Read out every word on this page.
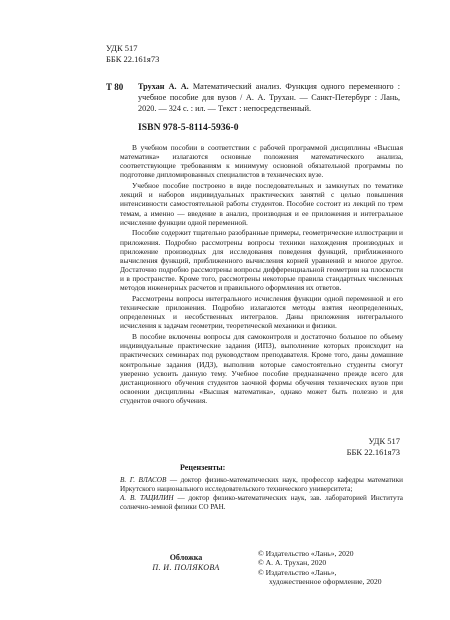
УДК 517
ББК 22.161я73
Т 80 Трухан А. А. Математический анализ. Функция одного переменного : учебное пособие для вузов / А. А. Трухан. — Санкт-Петербург : Лань, 2020. — 324 с. : ил. — Текст : непосредственный.
ISBN 978-5-8114-5936-0

В учебном пособии в соответствии с рабочей программой дисциплины «Высшая математика» излагаются основные положения математического анализа, соответствующие требованиям к минимуму основной обязательной программы по подготовке дипломированных специалистов в технических вузе.

Учебное пособие построено в виде последовательных и замкнутых по тематике лекций и наборов индивидуальных практических занятий с целью повышения интенсивности самостоятельной работы студентов. Пособие состоит из лекций по трем темам, а именно — введение в анализ, производная и ее приложения и интегральное исчисление функции одной переменной.

Пособие содержит тщательно разобранные примеры, геометрические иллюстрации и приложения. Подробно рассмотрены вопросы техники нахождения производных и приложение производных для исследования поведения функций, приближенного вычисления функций, приближенного вычисления корней уравнений и многое другое. Достаточно подробно рассмотрены вопросы дифференциальной геометрии на плоскости и в пространстве. Кроме того, рассмотрены некоторые правила стандартных численных методов инженерных расчетов и правильного оформления их ответов.

Рассмотрены вопросы интегрального исчисления функции одной переменной и его технические приложения. Подробно излагаются методы взятия неопределенных, определенных и несобственных интегралов. Даны приложения интегрального исчисления к задачам геометрии, теоретической механики и физики.

В пособие включены вопросы для самоконтроля и достаточно большое по объему индивидуальные практические задания (ИПЗ), выполнение которых происходит на практических семинарах под руководством преподавателя. Кроме того, даны домашние контрольные задания (ИДЗ), выполнив которые самостоятельно студенты смогут уверенно усвоить данную тему. Учебное пособие предназначено прежде всего для дистанционного обучения студентов заочной формы обучения технических вузов при освоении дисциплины «Высшая математика», однако может быть полезно и для студентов очного обучения.

УДК 517
ББК 22.161я73
Рецензенты:

В. Г. ВЛАСОВ — доктор физико-математических наук, профессор кафедры математики Иркутского национального исследовательского технического университета;

А. В. ТАЦИЛИН — доктор физико-математических наук, зав. лабораторией Института солнечно-земной физики СО РАН.

Обложка
П. И. ПОЛЯКОВА
© Издательство «Лань», 2020
© А. А. Трухан, 2020
© Издательство «Лань»,
художественное оформление, 2020
